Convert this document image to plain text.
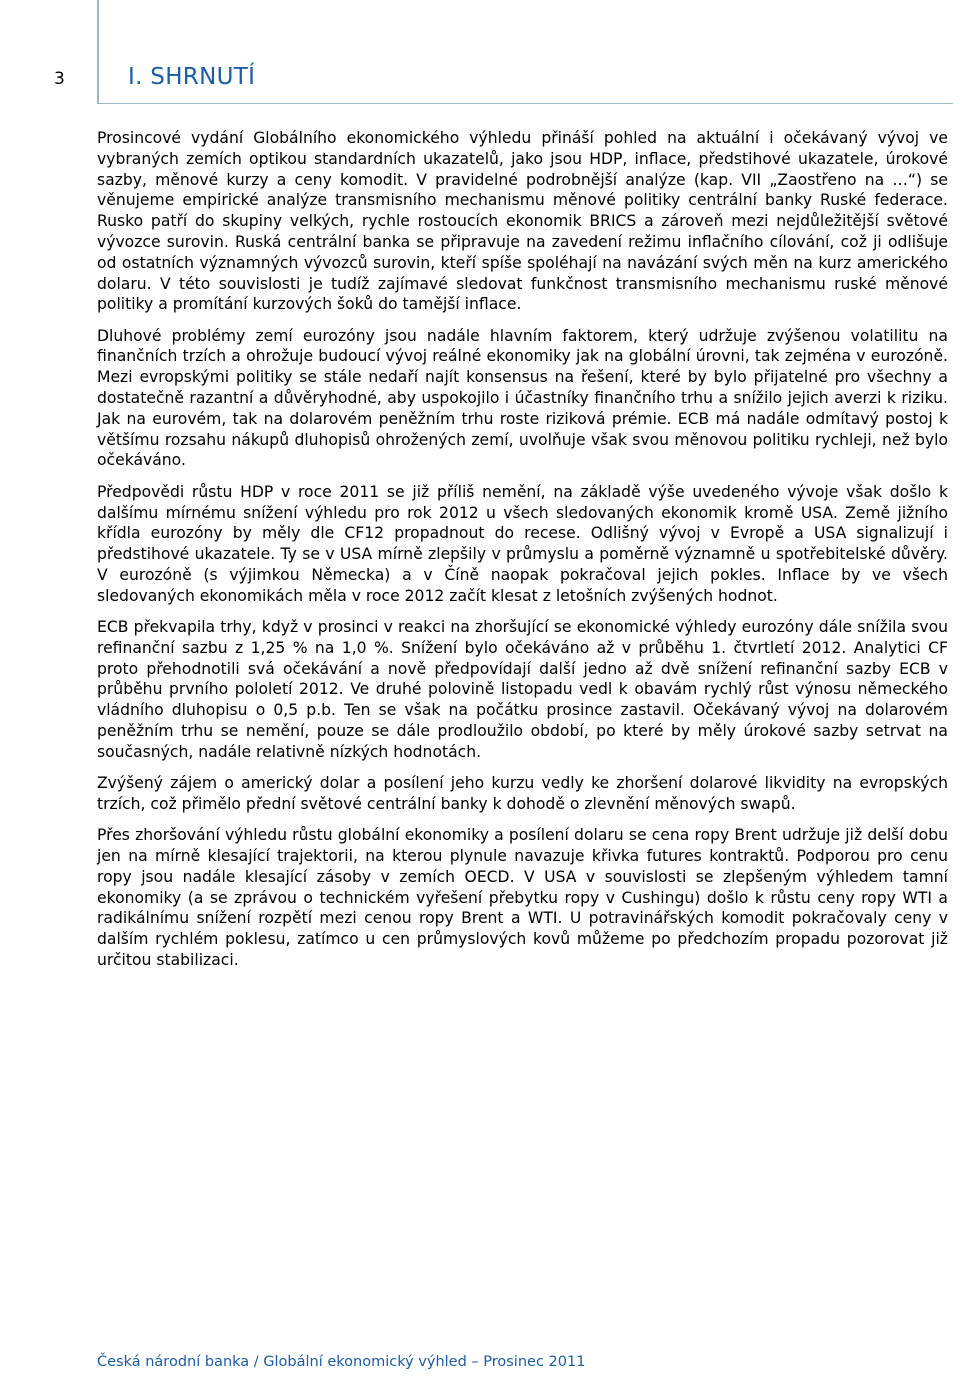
3	I. SHRNUTÍ

Prosincové vydání Globálního ekonomického výhledu přináší pohled na aktuální i očekávaný vývoj ve vybraných zemích optikou standardních ukazatelů, jako jsou HDP, inflace, předstihové ukazatele, úrokové sazby, měnové kurzy a ceny komodit. V pravidelné podrobnější analýze (kap. VII „Zaostřeno na …“) se věnujeme empirické analýze transmisního mechanismu měnové politiky centrální banky Ruské federace. Rusko patří do skupiny velkých, rychle rostoucích ekonomik BRICS a zároveň mezi nejdůležitější světové vývozce surovin. Ruská centrální banka se připravuje na zavedení režimu inflačního cílování, což ji odlišuje od ostatních významných vývozců surovin, kteří spíše spoléhají na navázání svých měn na kurz amerického dolaru. V této souvislosti je tudíž zajímavé sledovat funkčnost transmisního mechanismu ruské měnové politiky a promítání kurzových šoků do tamější inflace.

Dluhové problémy zemí eurozóny jsou nadále hlavním faktorem, který udržuje zvýšenou volatilitu na finančních trzích a ohrožuje budoucí vývoj reálné ekonomiky jak na globální úrovni, tak zejména v eurozóně. Mezi evropskými politiky se stále nedaří najít konsensus na řešení, které by bylo přijatelné pro všechny a dostatečně razantní a důvěryhodné, aby uspokojilo i účastníky finančního trhu a snížilo jejich averzi k riziku. Jak na eurovém, tak na dolarovém peněžním trhu roste riziková prémie. ECB má nadále odmítavý postoj k většímu rozsahu nákupů dluhopisů ohrožených zemí, uvolňuje však svou měnovou politiku rychleji, než bylo očekáváno.

Předpovědi růstu HDP v roce 2011 se již příliš nemění, na základě výše uvedeného vývoje však došlo k dalšímu mírnému snížení výhledu pro rok 2012 u všech sledovaných ekonomik kromě USA. Země jižního křídla eurozóny by měly dle CF12 propadnout do recese. Odlišný vývoj v Evropě a USA signalizují i předstihové ukazatele. Ty se v USA mírně zlepšily v průmyslu a poměrně významně u spotřebitelské důvěry. V eurozóně (s výjimkou Německa) a v Číně naopak pokračoval jejich pokles. Inflace by ve všech sledovaných ekonomikách měla v roce 2012 začít klesat z letošních zvýšených hodnot.

ECB překvapila trhy, když v prosinci v reakci na zhoršující se ekonomické výhledy eurozóny dále snížila svou refinanční sazbu z 1,25 % na 1,0 %. Snížení bylo očekáváno až v průběhu 1. čtvrtletí 2012. Analytici CF proto přehodnotili svá očekávání a nově předpovídají další jedno až dvě snížení refinanční sazby ECB v průběhu prvního pololetí 2012. Ve druhé polovině listopadu vedl k obavám rychlý růst výnosu německého vládního dluhopisu o 0,5 p.b. Ten se však na počátku prosince zastavil. Očekávaný vývoj na dolarovém peněžním trhu se nemění, pouze se dále prodloužilo období, po které by měly úrokové sazby setrvat na současných, nadále relativně nízkých hodnotách.

Zvýšený zájem o americký dolar a posílení jeho kurzu vedly ke zhoršení dolarové likvidity na evropských trzích, což přimělo přední světové centrální banky k dohodě o zlevnění měnových swapů.

Přes zhoršování výhledu růstu globální ekonomiky a posílení dolaru se cena ropy Brent udržuje již delší dobu jen na mírně klesající trajektorii, na kterou plynule navazuje křivka futures kontraktů. Podporou pro cenu ropy jsou nadále klesající zásoby v zemích OECD. V USA v souvislosti se zlepšeným výhledem tamní ekonomiky (a se zprávou o technickém vyřešení přebytku ropy v Cushingu) došlo k růstu ceny ropy WTI a radikálnímu snížení rozpětí mezi cenou ropy Brent a WTI. U potravinářských komodit pokračovaly ceny v dalším rychlém poklesu, zatímco u cen průmyslových kovů můžeme po předchozím propadu pozorovat již určitou stabilizaci.

Česká národní banka / Globální ekonomický výhled – Prosinec 2011
